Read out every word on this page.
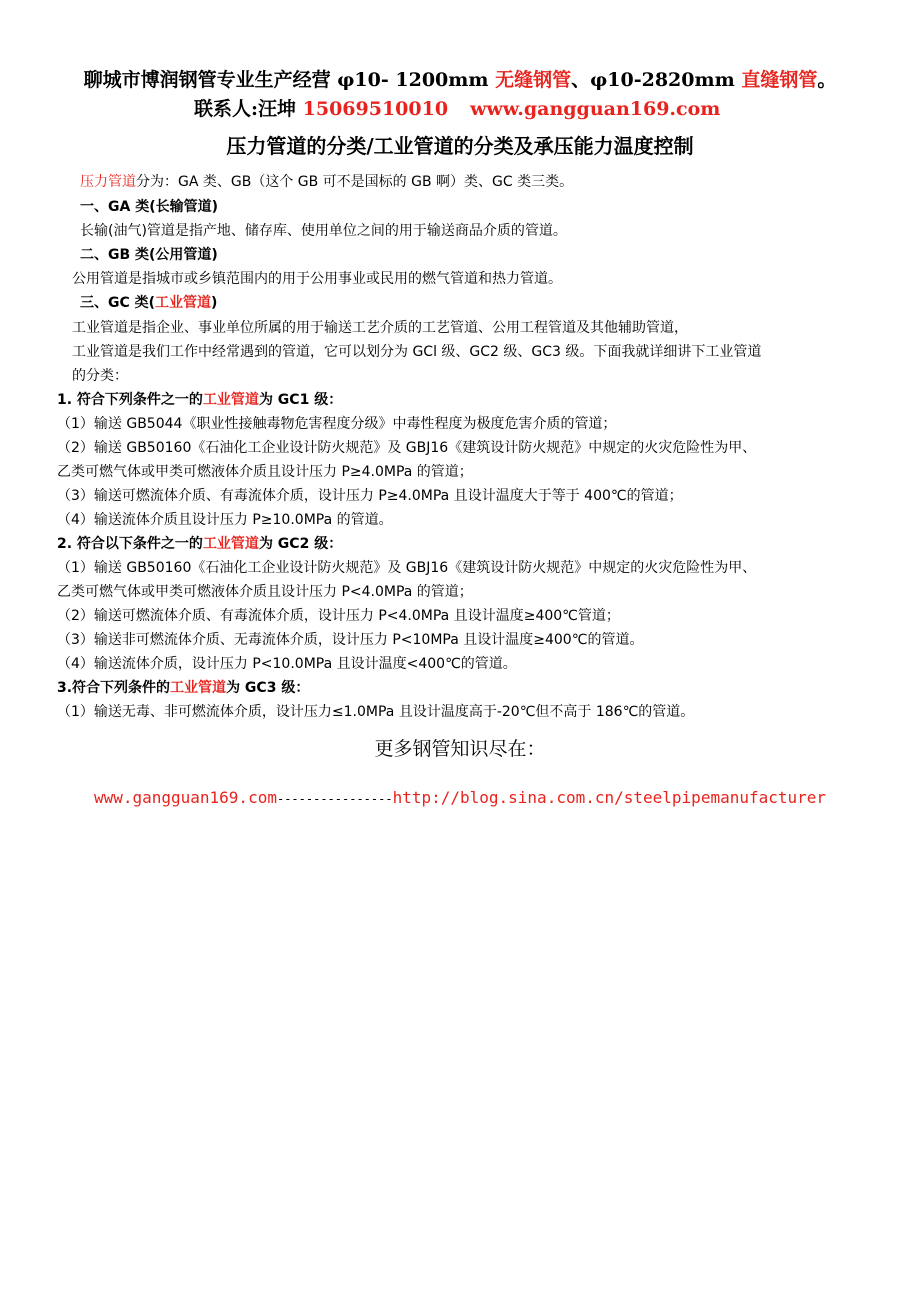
聊城市博润钢管专业生产经营 φ10- 1200mm 无缝钢管、φ10-2820mm 直缝钢管。
联系人:汪坤 15069510010 www.gangguan169.com
压力管道的分类/工业管道的分类及承压能力温度控制
压力管道分为：GA 类、GB（这个 GB 可不是国标的 GB 啊）类、GC 类三类。
一、GA 类(长输管道)
长输(油气)管道是指产地、储存库、使用单位之间的用于输送商品介质的管道。
二、GB 类(公用管道)
公用管道是指城市或乡镇范围内的用于公用事业或民用的燃气管道和热力管道。
三、GC 类(工业管道)
工业管道是指企业、事业单位所属的用于输送工艺介质的工艺管道、公用工程管道及其他辅助管道，
工业管道是我们工作中经常遇到的管道，它可以划分为 GCl 级、GC2 级、GC3 级。下面我就详细讲下工业管道
的分类：
1. 符合下列条件之一的工业管道为 GC1 级：
（1）输送 GB5044《职业性接触毒物危害程度分级》中毒性程度为极度危害介质的管道；
（2）输送 GB50160《石油化工企业设计防火规范》及 GBJ16《建筑设计防火规范》中规定的火灾危险性为甲、
乙类可燃气体或甲类可燃液体介质且设计压力 P≥4.0MPa 的管道；
（3）输送可燃流体介质、有毒流体介质，设计压力 P≥4.0MPa 且设计温度大于等于 400℃的管道；
（4）输送流体介质且设计压力 P≥10.0MPa 的管道。
2. 符合以下条件之一的工业管道为 GC2 级：
（1）输送 GB50160《石油化工企业设计防火规范》及 GBJ16《建筑设计防火规范》中规定的火灾危险性为甲、
乙类可燃气体或甲类可燃液体介质且设计压力 P<4.0MPa 的管道；
（2）输送可燃流体介质、有毒流体介质，设计压力 P<4.0MPa 且设计温度≥400℃管道；
（3）输送非可燃流体介质、无毒流体介质，设计压力 P<10MPa 且设计温度≥400℃的管道。
（4）输送流体介质，设计压力 P<10.0MPa 且设计温度<400℃的管道。
3.符合下列条件的工业管道为 GC3 级：
（1）输送无毒、非可燃流体介质，设计压力≤1.0MPa 且设计温度高于-20℃但不高于 186℃的管道。
更多钢管知识尽在：
www.gangguan169.com----------------http://blog.sina.com.cn/steelpipemanufacturer
